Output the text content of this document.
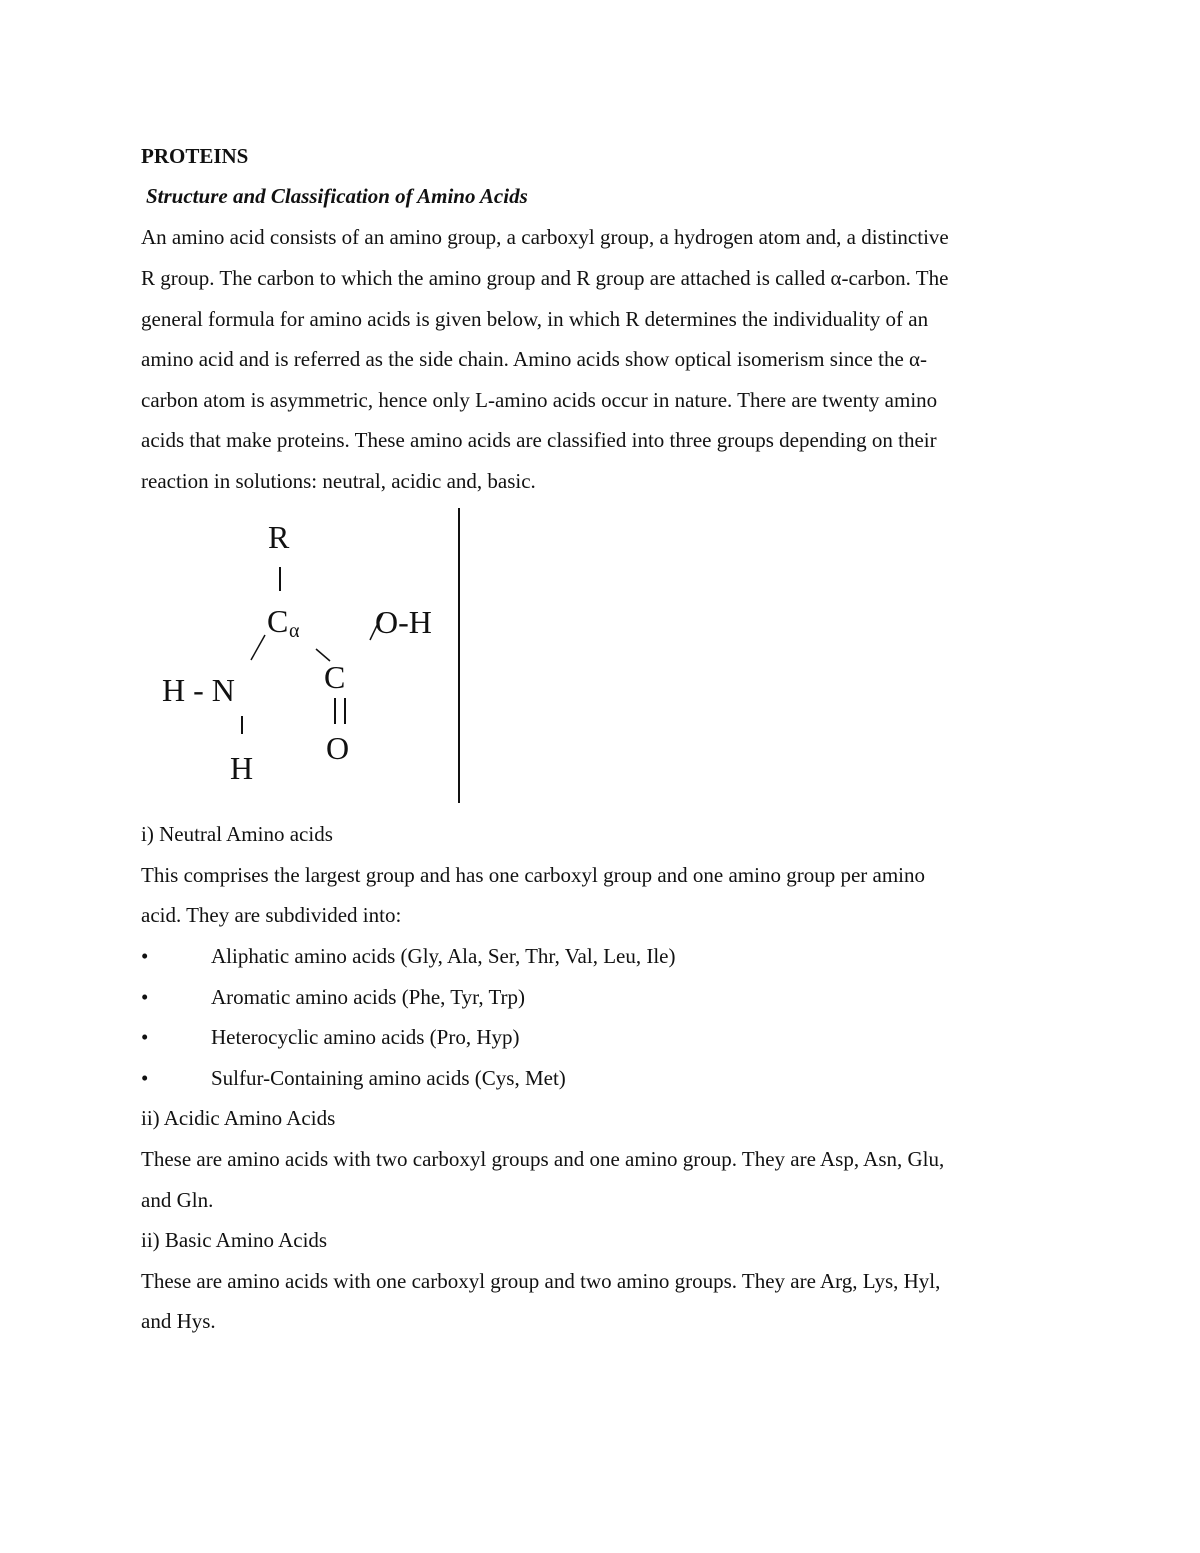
PROTEINS
Structure and Classification of Amino Acids
An amino acid consists of an amino group, a carboxyl group, a hydrogen atom and, a distinctive
R group. The carbon to which the amino group and R group are attached is called α-carbon. The
general formula for amino acids is given below, in which R determines the individuality of an
amino acid and is referred as the side chain. Amino acids show optical isomerism since the α-
carbon atom is asymmetric, hence only L-amino acids occur in nature. There are twenty amino
acids that make proteins. These amino acids are classified into three groups depending on their
reaction in solutions: neutral, acidic and, basic.
R
C α O-H
H - N	C
O
H
i) Neutral Amino acids
This comprises the largest group and has one carboxyl group and one amino group per amino
acid. They are subdivided into:
•	Aliphatic amino acids (Gly, Ala, Ser, Thr, Val, Leu, Ile)
•	Aromatic amino acids (Phe, Tyr, Trp)
•	Heterocyclic amino acids (Pro, Hyp)
•	Sulfur-Containing amino acids (Cys, Met)
ii) Acidic Amino Acids
These are amino acids with two carboxyl groups and one amino group. They are Asp, Asn, Glu,
and Gln.
ii) Basic Amino Acids
These are amino acids with one carboxyl group and two amino groups. They are Arg, Lys, Hyl,
and Hys.
